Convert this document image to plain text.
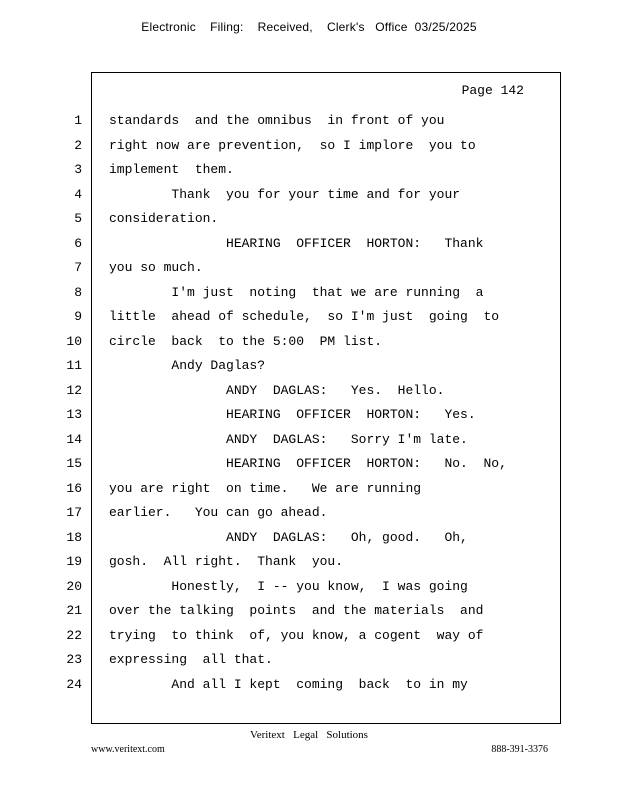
Electronic    Filing:    Received,    Clerk's   Office  03/25/2025
Page 142
1 standards  and the omnibus  in front of you
2 right now are prevention,  so I implore  you to
3 implement  them.
4 Thank  you for your time and for your
5 consideration.
6 HEARING  OFFICER  HORTON:   Thank
7 you so much.
8 I'm just  noting  that we are running  a
9 little  ahead of schedule,  so I'm just  going  to
10 circle  back  to the 5:00  PM list.
11 Andy Daglas?
12 ANDY  DAGLAS:   Yes.  Hello.
13 HEARING  OFFICER  HORTON:   Yes.
14 ANDY  DAGLAS:   Sorry I'm late.
15 HEARING  OFFICER  HORTON:   No.  No,
16 you are right  on time.   We are running
17 earlier.   You can go ahead.
18 ANDY  DAGLAS:   Oh, good.   Oh,
19 gosh.  All right.  Thank  you.
20 Honestly,  I -- you know,  I was going
21 over the talking  points  and the materials  and
22 trying  to think  of, you know, a cogent  way of
23 expressing  all that.
24 And all I kept  coming  back  to in my
Veritext   Legal   Solutions
www.veritext.com	888-391-3376
